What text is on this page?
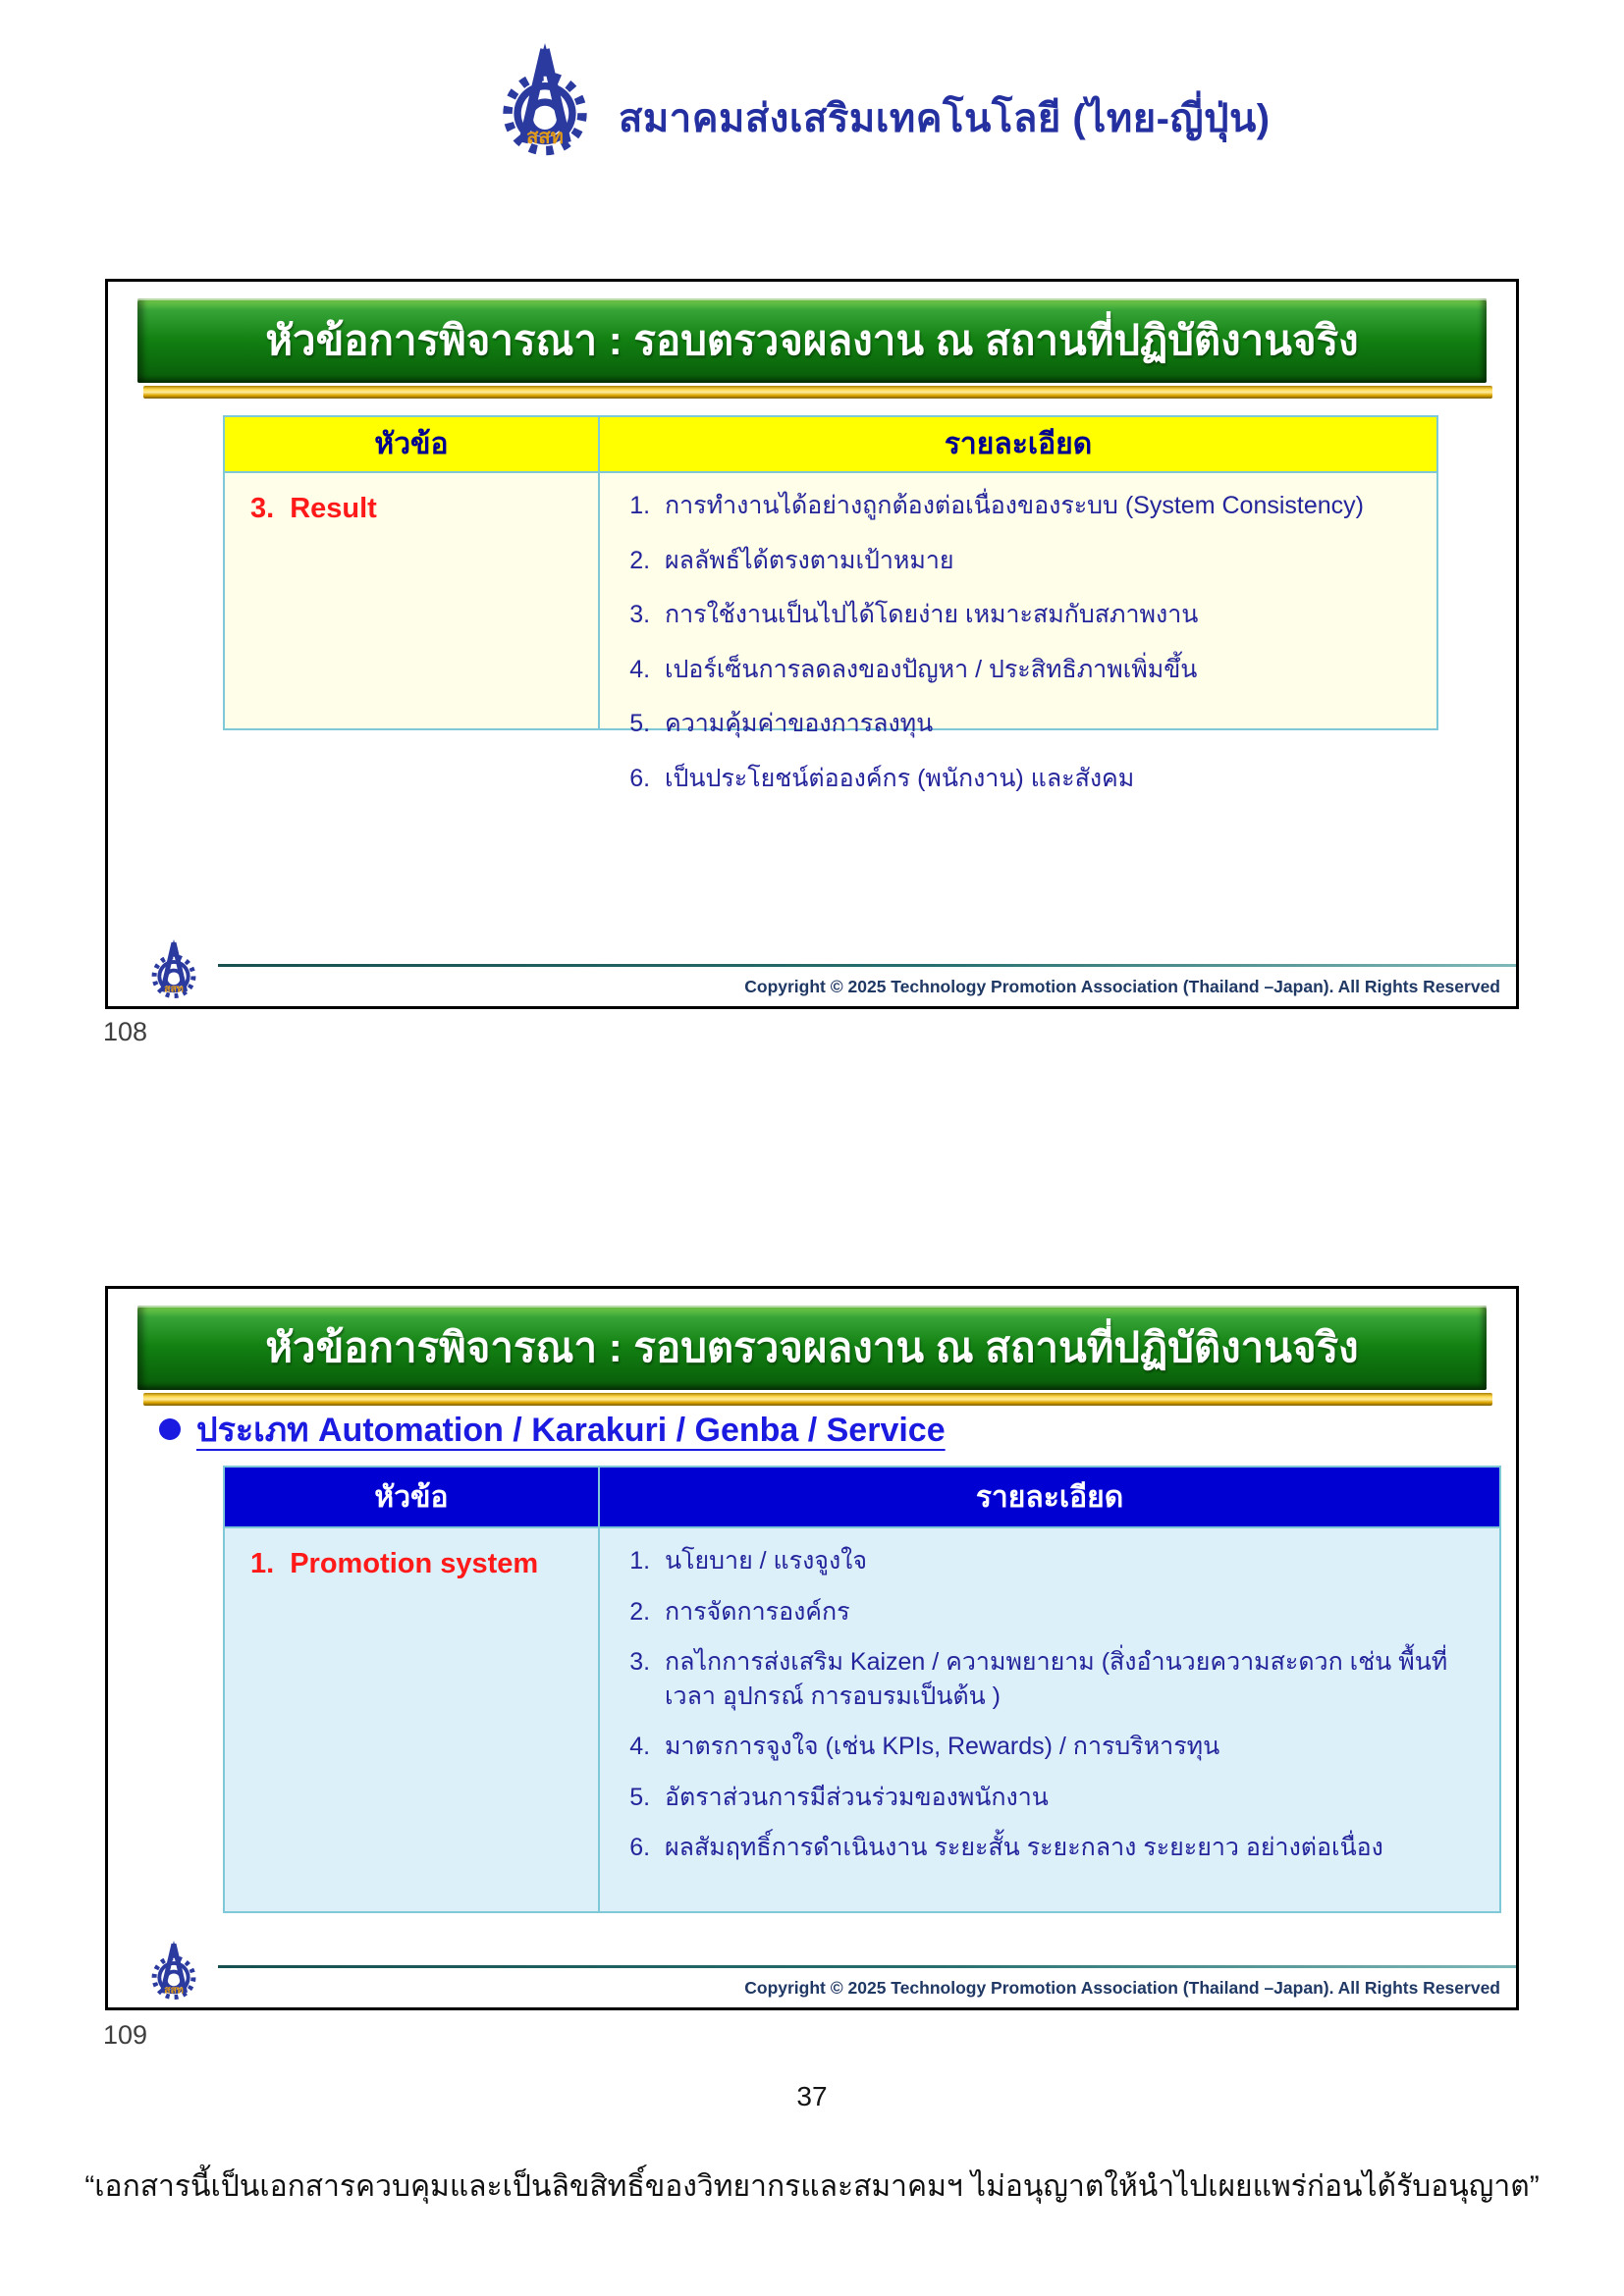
สสท สมาคมส่งเสริมเทคโนโลยี (ไทย-ญี่ปุ่น)
หัวข้อการพิจารณา : รอบตรวจผลงาน ณ สถานที่ปฏิบัติงานจริง
หัวข้อ	รายละเอียด
3. Result	1. การทำงานได้อย่างถูกต้องต่อเนื่องของระบบ (System Consistency)
2. ผลลัพธ์ได้ตรงตามเป้าหมาย
3. การใช้งานเป็นไปได้โดยง่าย เหมาะสมกับสภาพงาน
4. เปอร์เซ็นการลดลงของปัญหา / ประสิทธิภาพเพิ่มขึ้น
5. ความคุ้มค่าของการลงทุน
6. เป็นประโยชน์ต่อองค์กร (พนักงาน) และสังคม
สสท	Copyright © 2025 Technology Promotion Association (Thailand –Japan). All Rights Reserved
108
หัวข้อการพิจารณา : รอบตรวจผลงาน ณ สถานที่ปฏิบัติงานจริง
ประเภท Automation / Karakuri / Genba / Service
หัวข้อ	รายละเอียด
1. Promotion system	1. นโยบาย / แรงจูงใจ
2. การจัดการองค์กร
3. กลไกการส่งเสริม Kaizen / ความพยายาม (สิ่งอำนวยความสะดวก เช่น พื้นที่ เวลา อุปกรณ์ การอบรมเป็นต้น )
4. มาตรการจูงใจ (เช่น KPIs, Rewards) / การบริหารทุน
5. อัตราส่วนการมีส่วนร่วมของพนักงาน
6. ผลสัมฤทธิ์การดำเนินงาน ระยะสั้น ระยะกลาง ระยะยาว อย่างต่อเนื่อง
สสท	Copyright © 2025 Technology Promotion Association (Thailand –Japan). All Rights Reserved
109
37
“เอกสารนี้เป็นเอกสารควบคุมและเป็นลิขสิทธิ์ของวิทยากรและสมาคมฯ ไม่อนุญาตให้นำไปเผยแพร่ก่อนได้รับอนุญาต”
